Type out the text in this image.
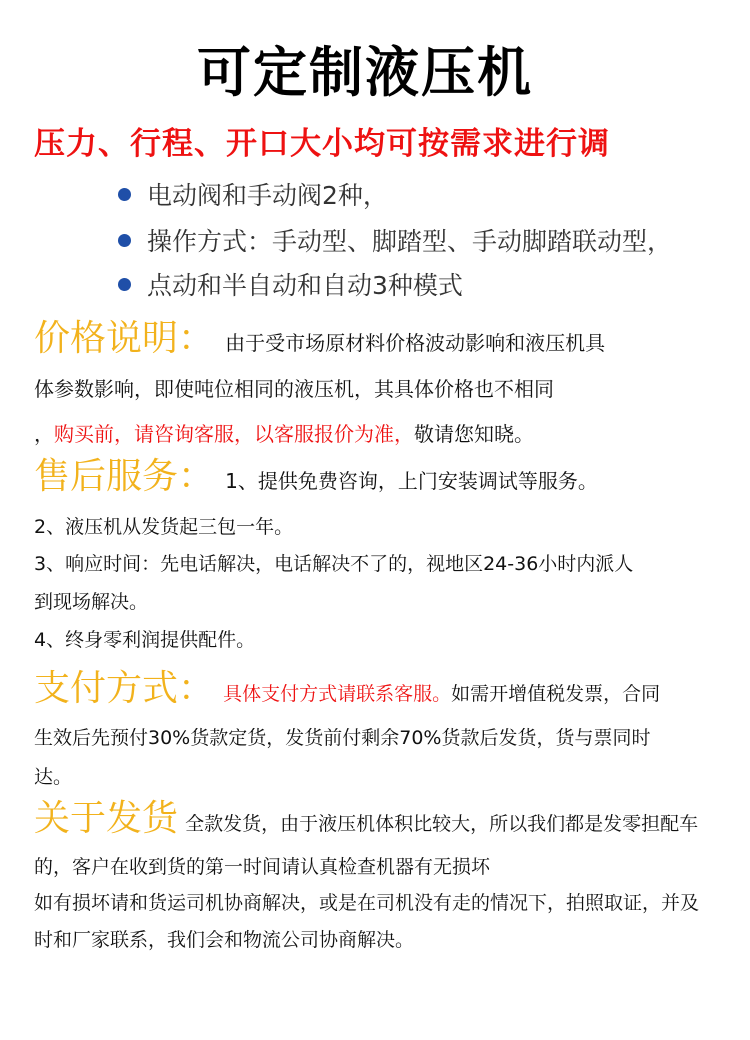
可定制液压机
压力、行程、开口大小均可按需求进行调
电动阀和手动阀2种，
操作方式：手动型、脚踏型、手动脚踏联动型，
点动和半自动和自动3种模式
价格说明： 由于受市场原材料价格波动影响和液压机具
体参数影响，即使吨位相同的液压机，其具体价格也不相同
，购买前，请咨询客服，以客服报价为准，敬请您知晓。
售后服务： 1、提供免费咨询，上门安装调试等服务。
2、液压机从发货起三包一年。
3、响应时间：先电话解决，电话解决不了的，视地区24-36小时内派人
到现场解决。
4、终身零利润提供配件。
支付方式： 具体支付方式请联系客服。如需开增值税发票，合同
生效后先预付30%货款定货，发货前付剩余70%货款后发货，货与票同时
达。
关于发货 全款发货，由于液压机体积比较大，所以我们都是发零担配车
的，客户在收到货的第一时间请认真检查机器有无损坏
如有损坏请和货运司机协商解决，或是在司机没有走的情况下，拍照取证，并及
时和厂家联系，我们会和物流公司协商解决。
